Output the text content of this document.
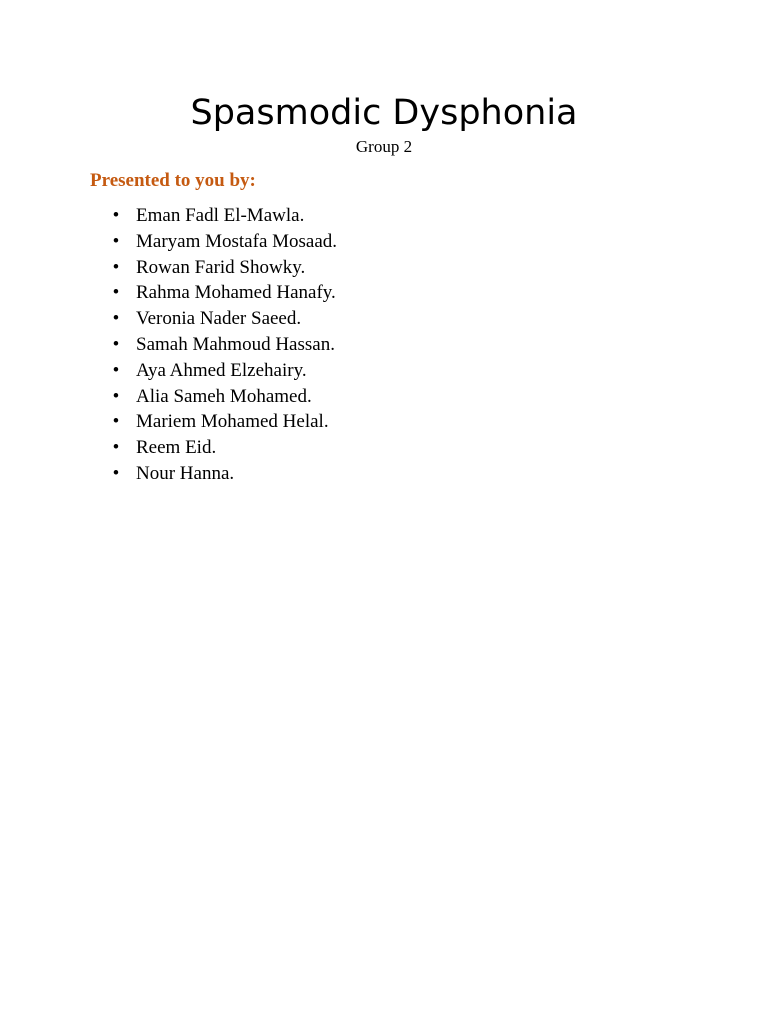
Spasmodic Dysphonia
Group 2
Presented to you by:
• Eman Fadl El-Mawla.
• Maryam Mostafa Mosaad.
• Rowan Farid Showky.
• Rahma Mohamed Hanafy.
• Veronia Nader Saeed.
• Samah Mahmoud Hassan.
• Aya Ahmed Elzehairy.
• Alia Sameh Mohamed.
• Mariem Mohamed Helal.
• Reem Eid.
• Nour Hanna.
